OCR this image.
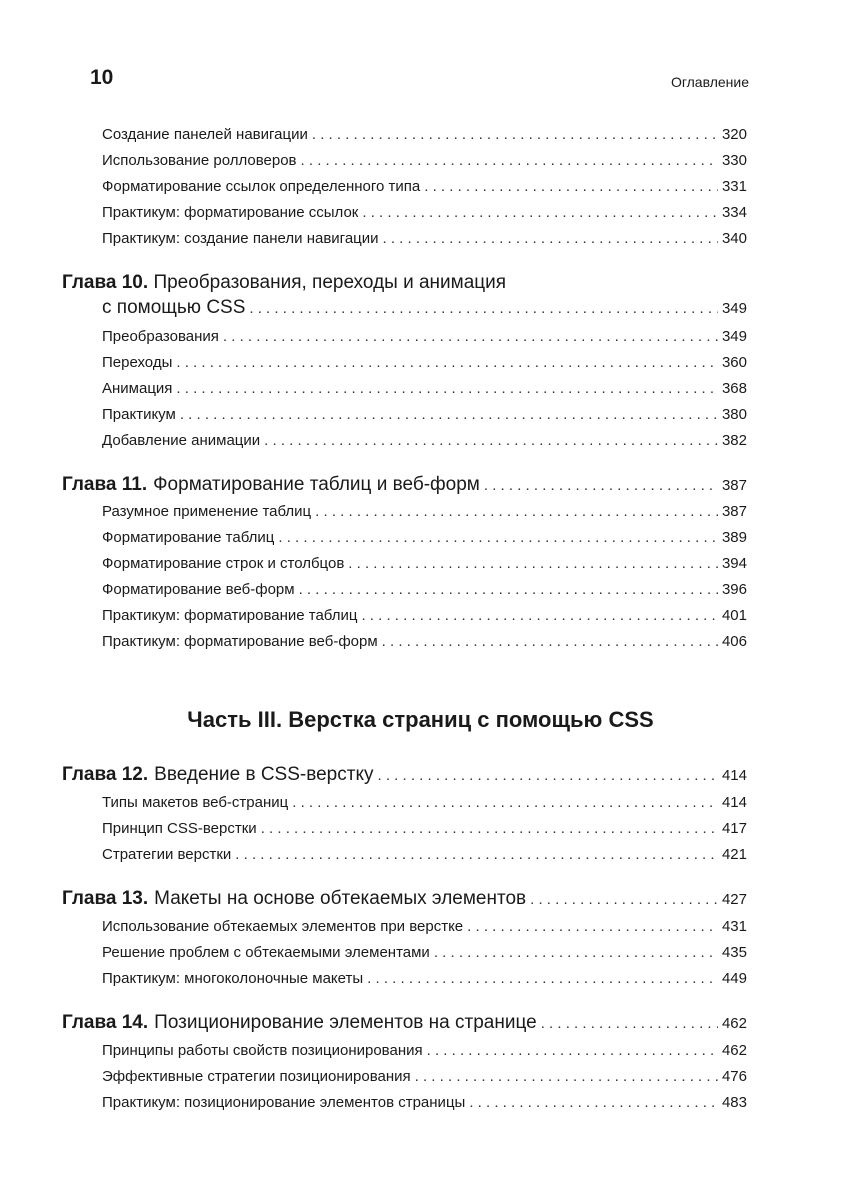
10	Оглавление
Создание панелей навигации . . .	320
Использование ролловеров . . .	330
Форматирование ссылок определенного типа . . .	331
Практикум: форматирование ссылок . . .	334
Практикум: создание панели навигации . . .	340
Глава 10. Преобразования, переходы и анимация
с помощью CSS . . .	349
Преобразования . . .	349
Переходы . . .	360
Анимация . . .	368
Практикум . . .	380
Добавление анимации . . .	382
Глава 11. Форматирование таблиц и веб-форм . . .	387
Разумное применение таблиц . . .	387
Форматирование таблиц . . .	389
Форматирование строк и столбцов . . .	394
Форматирование веб-форм . . .	396
Практикум: форматирование таблиц . . .	401
Практикум: форматирование веб-форм . . .	406
Часть III. Верстка страниц с помощью CSS
Глава 12. Введение в CSS-верстку . . .	414
Типы макетов веб-страниц . . .	414
Принцип CSS-верстки . . .	417
Стратегии верстки . . .	421
Глава 13. Макеты на основе обтекаемых элементов . . .	427
Использование обтекаемых элементов при верстке . . .	431
Решение проблем с обтекаемыми элементами . . .	435
Практикум: многоколоночные макеты . . .	449
Глава 14. Позиционирование элементов на странице . . .	462
Принципы работы свойств позиционирования . . .	462
Эффективные стратегии позиционирования . . .	476
Практикум: позиционирование элементов страницы . . .	483
